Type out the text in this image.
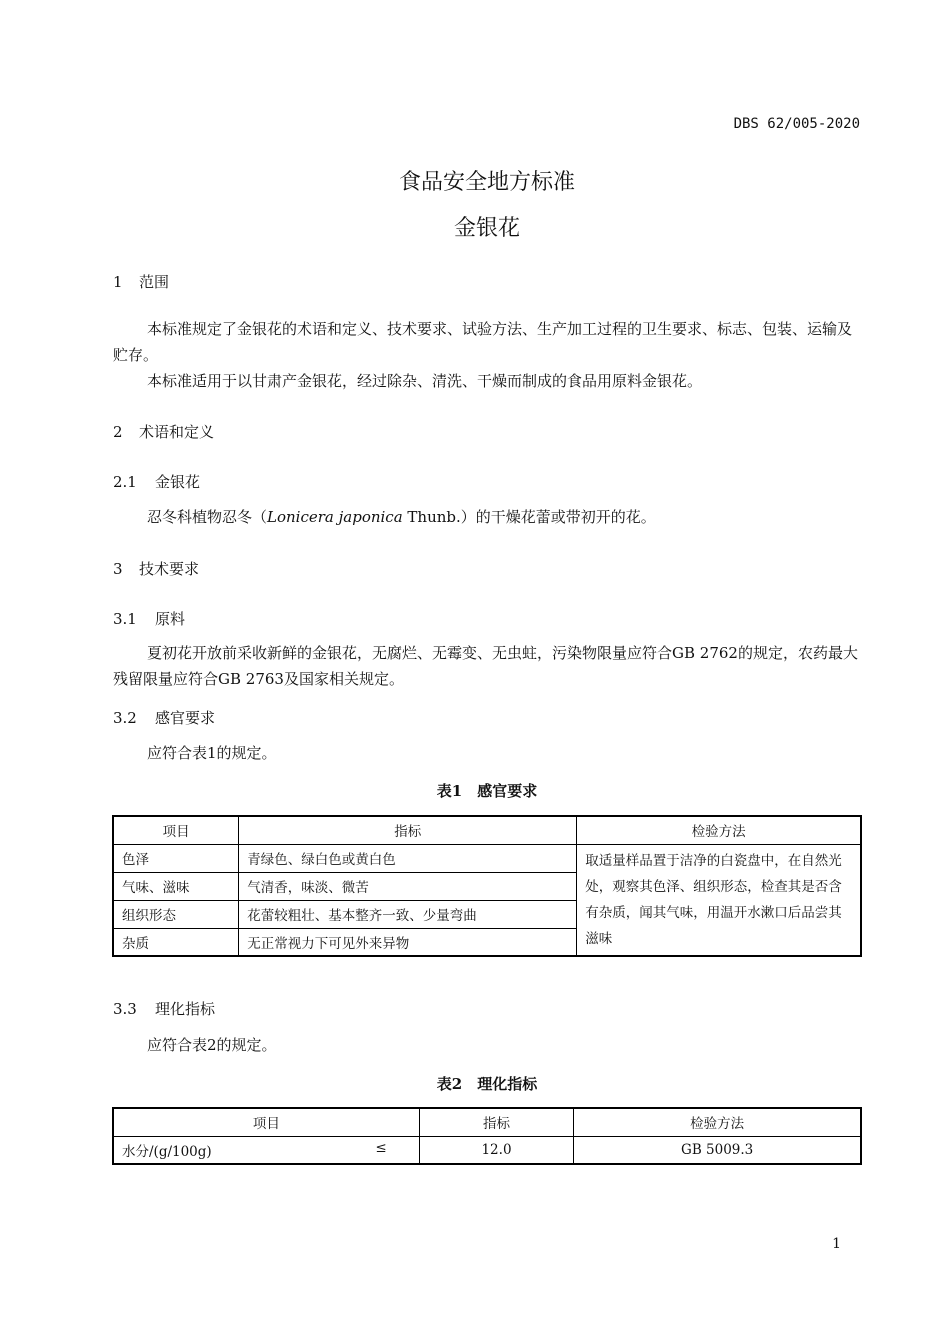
DBS 62/005-2020
食品安全地方标准
金银花
1 范围
本标准规定了金银花的术语和定义、技术要求、试验方法、生产加工过程的卫生要求、标志、包装、运输及贮存。
本标准适用于以甘肃产金银花，经过除杂、清洗、干燥而制成的食品用原料金银花。
2 术语和定义
2.1 金银花
忍冬科植物忍冬（Lonicera japonica Thunb.）的干燥花蕾或带初开的花。
3 技术要求
3.1 原料
夏初花开放前采收新鲜的金银花，无腐烂、无霉变、无虫蛀，污染物限量应符合GB 2762的规定，农药最大残留限量应符合GB 2763及国家相关规定。
3.2 感官要求
应符合表1的规定。
表1　感官要求
项目	指标	检验方法
色泽	青绿色、绿白色或黄白色	取适量样品置于洁净的白瓷盘中，在自然光处，观察其色泽、组织形态，检查其是否含有杂质，闻其气味，用温开水漱口后品尝其滋味
气味、滋味	气清香，味淡、微苦	
组织形态	花蕾较粗壮、基本整齐一致、少量弯曲	
杂质	无正常视力下可见外来异物	
3.3 理化指标
应符合表2的规定。
表2　理化指标
项目	指标	检验方法
水分/(g/100g) ≤	12.0	GB 5009.3
1
